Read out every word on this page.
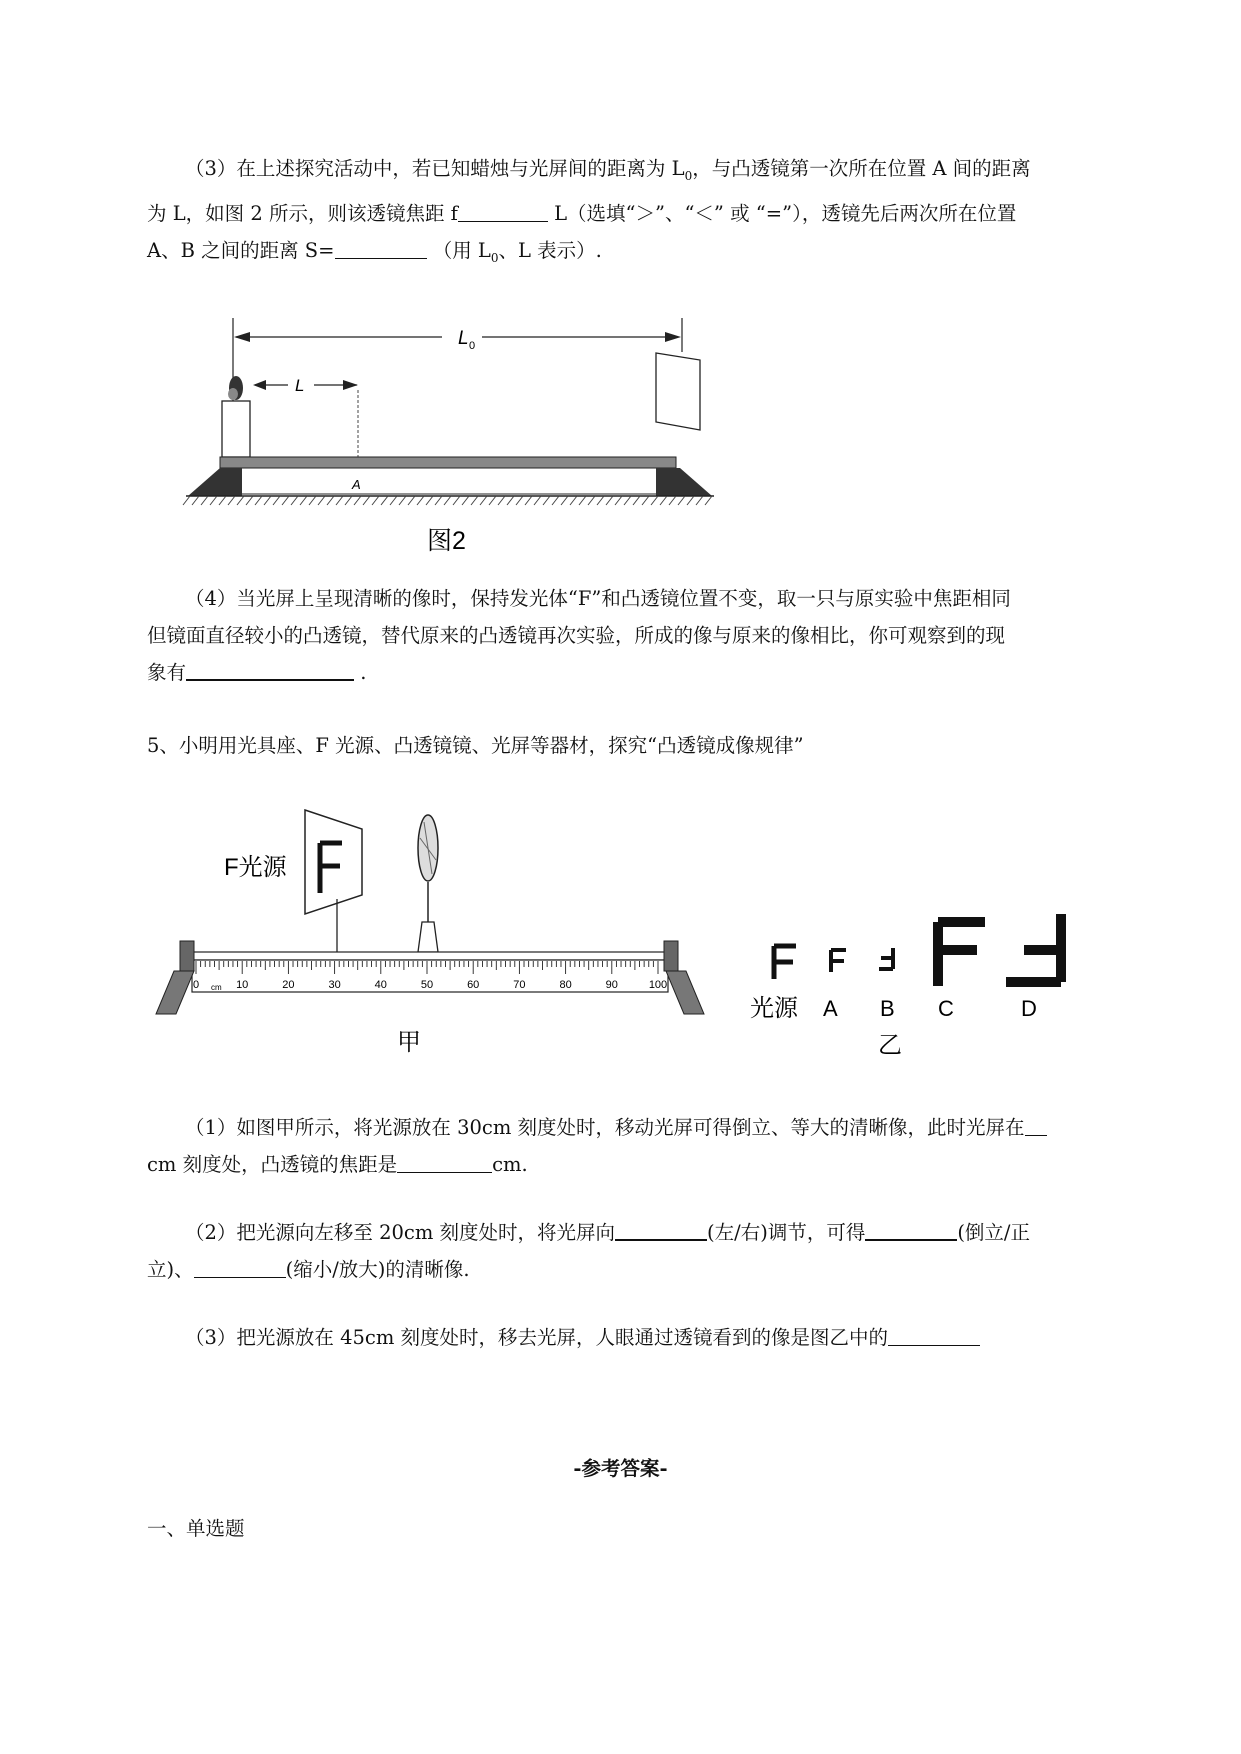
（3）在上述探究活动中，若已知蜡烛与光屏间的距离为 $L_0$，与凸透镜第一次所在位置 A 间的距离

为 L，如图 2 所示，则该透镜焦距 f	L（选填“＞”、“＜” 或 “=”），透镜先后两次所在位置

A、B 之间的距离 S=	（用 $L_0$、L 表示）.

L 0
L
A
图2

（4）当光屏上呈现清晰的像时，保持发光体“F”和凸透镜位置不变，取一只与原实验中焦距相同

但镜面直径较小的凸透镜，替代原来的凸透镜再次实验，所成的像与原来的像相比，你可观察到的现

象有	.

5、小明用光具座、F 光源、凸透镜镜、光屏等器材，探究“凸透镜成像规律”

F光源
0	10	20	30	40	50	60	70	80	90	100
cm
甲
光源 A B C	D
乙

（1）如图甲所示，将光源放在 30cm 刻度处时，移动光屏可得倒立、等大的清晰像，此时光屏在

cm 刻度处，凸透镜的焦距是	cm.

（2）把光源向左移至 20cm 刻度处时，将光屏向	(左/右)调节，可得	(倒立/正

立)、	(缩小/放大)的清晰像.

（3）把光源放在 45cm 刻度处时，移去光屏，人眼通过透镜看到的像是图乙中的

-参考答案-

一、单选题
